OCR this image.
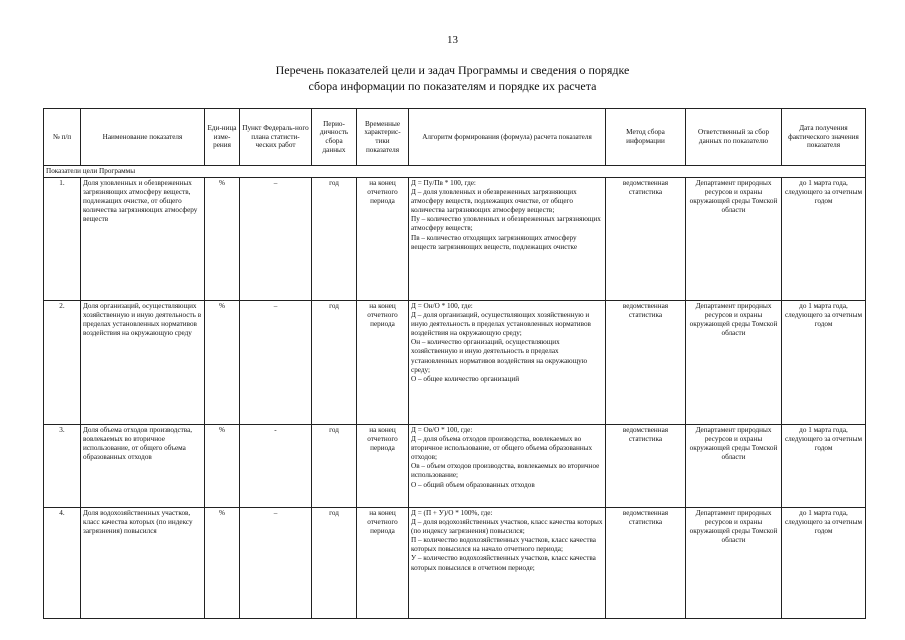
13
Перечень показателей цели и задач Программы и сведения о порядке
сбора информации по показателям и порядке их расчета
№ п/п	Наименование показателя	Еди-ница изме-рения	Пункт Федераль-ного плана статисти-ческих работ	Перио-дичность сбора данных	Временные характерис-тики показателя	Алгоритм формирования (формула) расчета показателя	Метод сбора информации	Ответственный за сбор данных по показателю	Дата получения фактического значения показателя
Показатели цели Программы									
1.	Доля уловленных и обезвреженных загрязняющих атмосферу веществ, подлежащих очистке, от общего количества загрязняющих атмосферу веществ	%	–	год	на конец отчетного периода	Д = Пу/Пв * 100, где:
Д – доля уловленных и обезвреженных загрязняющих атмосферу веществ, подлежащих очистке, от общего количества загрязняющих атмосферу веществ;
Пу – количество уловленных и обезвреженных загрязняющих атмосферу веществ;
Пв – количество отходящих загрязняющих атмосферу веществ загрязняющих веществ, подлежащих очистке	ведомственная статистика	Департамент природных ресурсов и охраны окружающей среды Томской области	до 1 марта года, следующего за отчетным годом
2.	Доля организаций, осуществляющих хозяйственную и иную деятельность в пределах установленных нормативов воздействия на окружающую среду	%	–	год	на конец отчетного периода	Д = Он/О * 100, где:
Д – доля организаций, осуществляющих хозяйственную и иную деятельность в пределах установленных нормативов воздействия на окружающую среду;
Он – количество организаций, осуществляющих хозяйственную и иную деятельность в пределах установленных нормативов воздействия на окружающую среду;
О – общее количество организаций	ведомственная статистика	Департамент природных ресурсов и охраны окружающей среды Томской области	до 1 марта года, следующего за отчетным годом
3.	Доля объема отходов производства, вовлекаемых во вторичное использование, от общего объема образованных отходов	%	-	год	на конец отчетного периода	Д = Ов/О * 100, где:
Д – доля объема отходов производства, вовлекаемых во вторичное использование, от общего объема образованных отходов;
Ов – объем отходов производства, вовлекаемых во вторичное использование;
О – общий объем образованных отходов	ведомственная статистика	Департамент природных ресурсов и охраны окружающей среды Томской области	до 1 марта года, следующего за отчетным годом
4.	Доля водохозяйственных участков, класс качества которых (по индексу загрязнения) повысился	%	–	год	на конец отчетного периода	Д = (П + У)/О * 100%, где:
Д – доля водохозяйственных участков, класс качества которых (по индексу загрязнения) повысился;
П – количество водохозяйственных участков, класс качества которых повысился на начало отчетного периода;
У – количество водохозяйственных участков, класс качества которых повысился в отчетном периоде;	ведомственная статистика	Департамент природных ресурсов и охраны окружающей среды Томской области	до 1 марта года, следующего за отчетным годом
